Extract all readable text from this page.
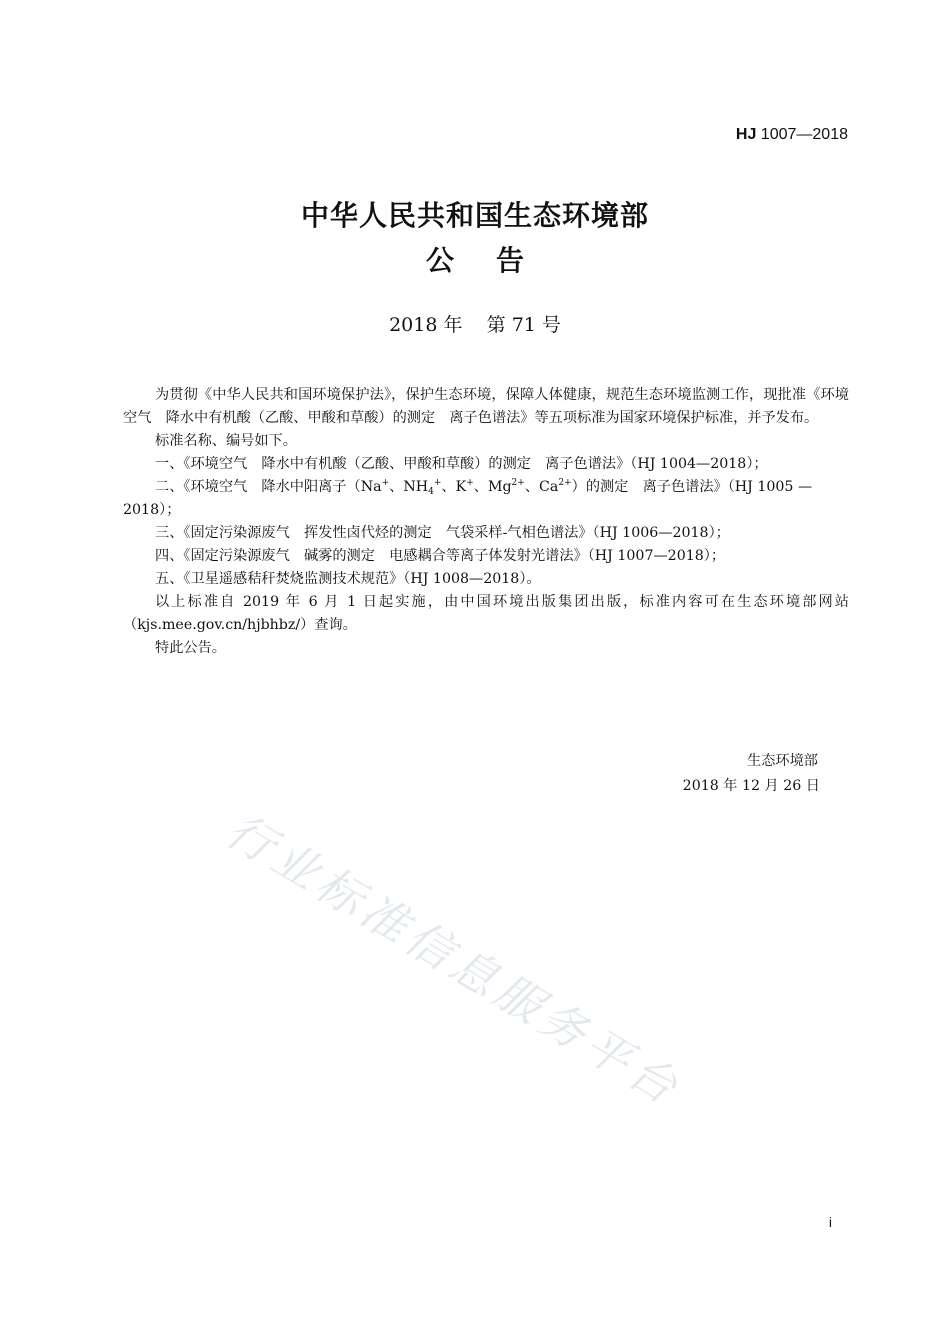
HJ 1007—2018
中华人民共和国生态环境部
公 告
2018 年 第 71 号

为贯彻《中华人民共和国环境保护法》，保护生态环境，保障人体健康，规范生态环境监测工作，现批准《环境空气　降水中有机酸（乙酸、甲酸和草酸）的测定　离子色谱法》等五项标准为国家环境保护标准，并予发布。

标准名称、编号如下。

一、《环境空气　降水中有机酸（乙酸、甲酸和草酸）的测定　离子色谱法》（HJ 1004—2018）；

二、《环境空气　降水中阳离子（Na+、$NH_4^+$、K+、$Mg^{2+}$、$Ca^{2+}$）的测定　离子色谱法》（HJ 1005 —
2018）；

三、《固定污染源废气　挥发性卤代烃的测定　气袋采样-气相色谱法》（HJ 1006—2018）；

四、《固定污染源废气　碱雾的测定　电感耦合等离子体发射光谱法》（HJ 1007—2018）；

五、《卫星遥感秸秆焚烧监测技术规范》（HJ 1008—2018）。

以上标准自 2019 年 6 月 1 日起实施，由中国环境出版集团出版，标准内容可在生态环境部网站（kjs.mee.gov.cn/hjbhbz/）查询。

特此公告。

生态环境部
2018 年 12 月 26 日
行业标准信息服务平台
i
